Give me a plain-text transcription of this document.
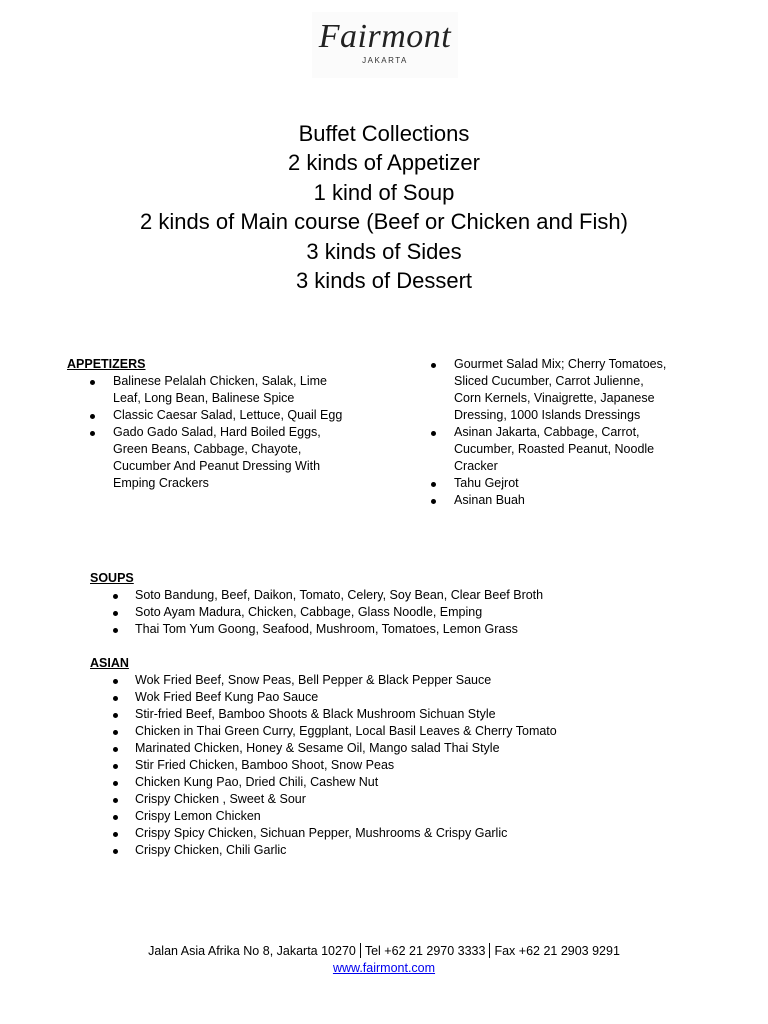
Fairmont
JAKARTA
Buffet Collections
2 kinds of Appetizer
1 kind of Soup
2 kinds of Main course (Beef or Chicken and Fish)
3 kinds of Sides
3 kinds of Dessert
APPETIZERS
Balinese Pelalah Chicken, Salak, Lime
Leaf, Long Bean, Balinese Spice
Classic Caesar Salad, Lettuce, Quail Egg
Gado Gado Salad, Hard Boiled Eggs,
Green Beans, Cabbage, Chayote,
Cucumber And Peanut Dressing With
Emping Crackers
Gourmet Salad Mix; Cherry Tomatoes,
Sliced Cucumber, Carrot Julienne,
Corn Kernels, Vinaigrette, Japanese
Dressing, 1000 Islands Dressings
Asinan Jakarta, Cabbage, Carrot,
Cucumber, Roasted Peanut, Noodle
Cracker
Tahu Gejrot
Asinan Buah
SOUPS
Soto Bandung, Beef, Daikon, Tomato, Celery, Soy Bean, Clear Beef Broth
Soto Ayam Madura, Chicken, Cabbage, Glass Noodle, Emping
Thai Tom Yum Goong, Seafood, Mushroom, Tomatoes, Lemon Grass
ASIAN
Wok Fried Beef, Snow Peas, Bell Pepper & Black Pepper Sauce
Wok Fried Beef Kung Pao Sauce
Stir-fried Beef, Bamboo Shoots & Black Mushroom Sichuan Style
Chicken in Thai Green Curry, Eggplant, Local Basil Leaves & Cherry Tomato
Marinated Chicken, Honey & Sesame Oil, Mango salad Thai Style
Stir Fried Chicken, Bamboo Shoot, Snow Peas
Chicken Kung Pao, Dried Chili, Cashew Nut
Crispy Chicken , Sweet & Sour
Crispy Lemon Chicken
Crispy Spicy Chicken, Sichuan Pepper, Mushrooms & Crispy Garlic
Crispy Chicken, Chili Garlic
Jalan Asia Afrika No 8, Jakarta 10270 Tel +62 21 2970 3333 Fax +62 21 2903 9291
www.fairmont.com
